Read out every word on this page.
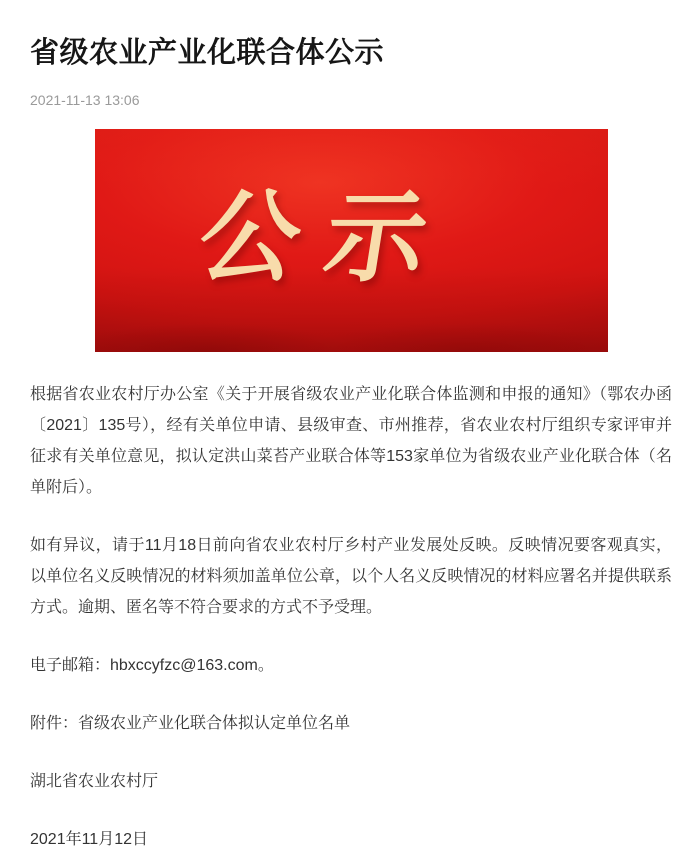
省级农业产业化联合体公示
2021-11-13 13:06
公示

根据省农业农村厅办公室《关于开展省级农业产业化联合体监测和申报的通知》（鄂农办函〔2021〕135号），经有关单位申请、县级审查、市州推荐，省农业农村厅组织专家评审并征求有关单位意见，拟认定洪山菜苔产业联合体等153家单位为省级农业产业化联合体（名单附后）。

如有异议，请于11月18日前向省农业农村厅乡村产业发展处反映。反映情况要客观真实，以单位名义反映情况的材料须加盖单位公章，以个人名义反映情况的材料应署名并提供联系方式。逾期、匿名等不符合要求的方式不予受理。

电子邮箱：hbxccyfzc@163.com。

附件：省级农业产业化联合体拟认定单位名单

湖北省农业农村厅

2021年11月12日
